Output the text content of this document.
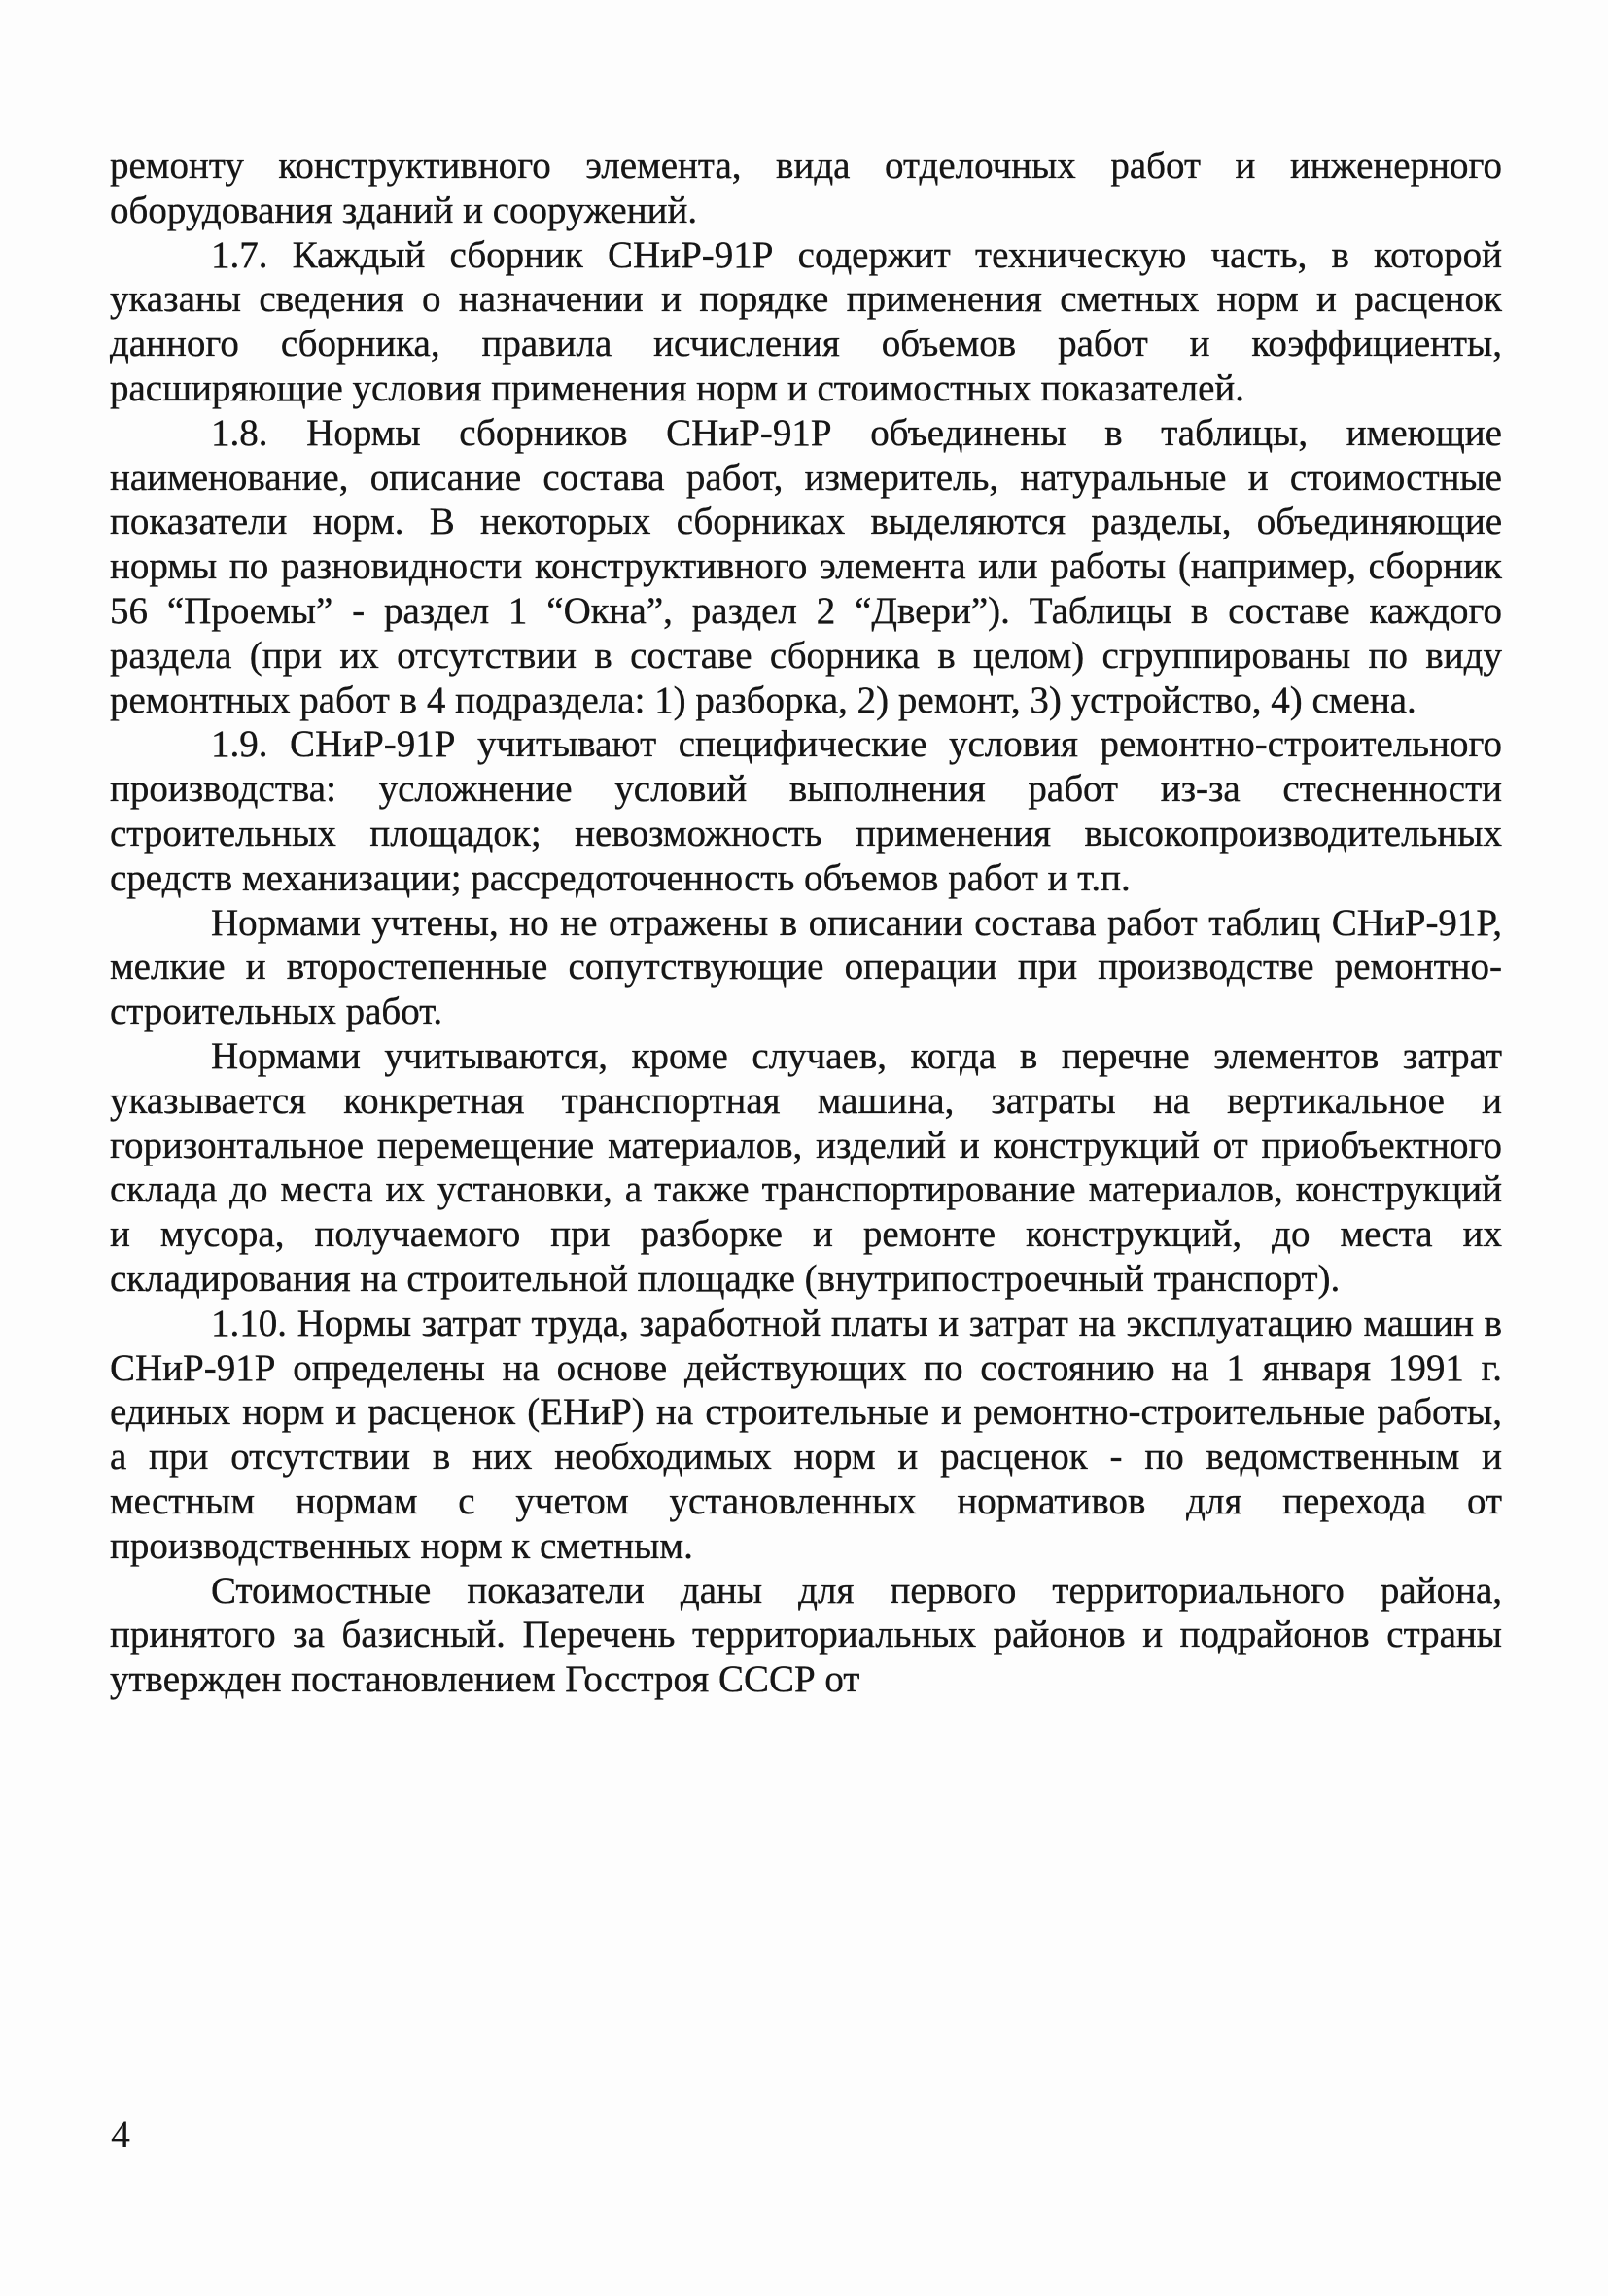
ремонту конструктивного элемента, вида отделочных работ и инженерного оборудования зданий и сооружений.

1.7. Каждый сборник СНиР-91Р содержит техническую часть, в которой указаны сведения о назначении и порядке применения сметных норм и расценок данного сборника, правила исчисления объемов работ и коэффициенты, расширяющие условия применения норм и стоимостных показателей.

1.8. Нормы сборников СНиР-91Р объединены в таблицы, имеющие наименование, описание состава работ, измеритель, натуральные и стоимостные показатели норм. В некоторых сборниках выделяются разделы, объединяющие нормы по разновидности конструктивного элемента или работы (например, сборник 56 “Проемы” - раздел 1 “Окна”, раздел 2 “Двери”). Таблицы в составе каждого раздела (при их отсутствии в составе сборника в целом) сгруппированы по виду ремонтных работ в 4 подраздела: 1) разборка, 2) ремонт, 3) устройство, 4) смена.

1.9. СНиР-91Р учитывают специфические условия ремонтно-строительного производства: усложнение условий выполнения работ из-за стесненности строительных площадок; невозможность применения высокопроизводительных средств механизации; рассредоточенность объемов работ и т.п.

Нормами учтены, но не отражены в описании состава работ таблиц СНиР-91Р, мелкие и второстепенные сопутствующие операции при производстве ремонтно-строительных работ.

Нормами учитываются, кроме случаев, когда в перечне элементов затрат указывается конкретная транспортная машина, затраты на вертикальное и горизонтальное перемещение материалов, изделий и конструкций от приобъектного склада до места их установки, а также транспортирование материалов, конструкций и мусора, получаемого при разборке и ремонте конструкций, до места их складирования на строительной площадке (внутрипостроечный транспорт).

1.10. Нормы затрат труда, заработной платы и затрат на эксплуатацию машин в СНиР-91Р определены на основе действующих по состоянию на 1 января 1991 г. единых норм и расценок (ЕНиР) на строительные и ремонтно-строительные работы, а при отсутствии в них необходимых норм и расценок - по ведомственным и местным нормам с учетом установленных нормативов для перехода от производственных норм к сметным.

Стоимостные показатели даны для первого территориального района, принятого за базисный. Перечень территориальных районов и подрайонов страны утвержден постановлением Госстроя СССР от

4
